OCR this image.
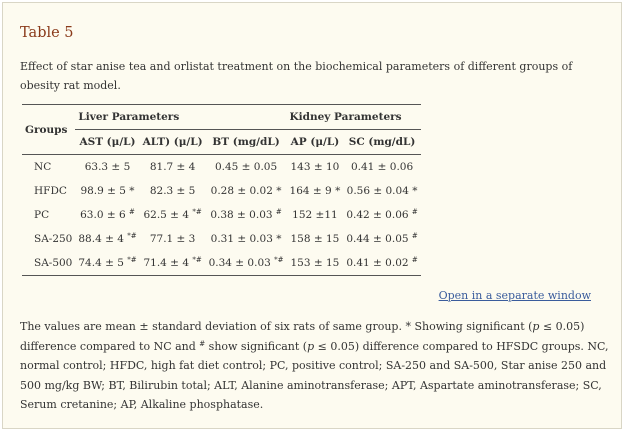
Table 5
Effect of star anise tea and orlistat treatment on the biochemical parameters of different groups of obesity rat model.
Groups	Liver Parameters			Kidney Parameters	
	AST (μ/L)	ALT) (μ/L)	BT (mg/dL)	AP (μ/L)	SC (mg/dL)
NC	63.3 ± 5	81.7 ± 4	0.45 ± 0.05	143 ± 10	0.41 ± 0.06
HFDC	98.9 ± 5 *	82.3 ± 5	0.28 ± 0.02 *	164 ± 9 *	0.56 ± 0.04 *
PC	63.0 ± 6 #	62.5 ± 4 *#	0.38 ± 0.03 #	152 ±11	0.42 ± 0.06 #
SA-250	88.4 ± 4 *#	77.1 ± 3	0.31 ± 0.03 *	158 ± 15	0.44 ± 0.05 #
SA-500	74.4 ± 5 *#	71.4 ± 4 *#	0.34 ± 0.03 *#	153 ± 15	0.41 ± 0.02 #
Open in a separate window
The values are mean ± standard deviation of six rats of same group. * Showing significant (p ≤ 0.05) difference compared to NC and # show significant (p ≤ 0.05) difference compared to HFSDC groups. NC, normal control; HFDC, high fat diet control; PC, positive control; SA-250 and SA-500, Star anise 250 and 500 mg/kg BW; BT, Bilirubin total; ALT, Alanine aminotransferase; APT, Aspartate aminotransferase; SC, Serum cretanine; AP, Alkaline phosphatase.
